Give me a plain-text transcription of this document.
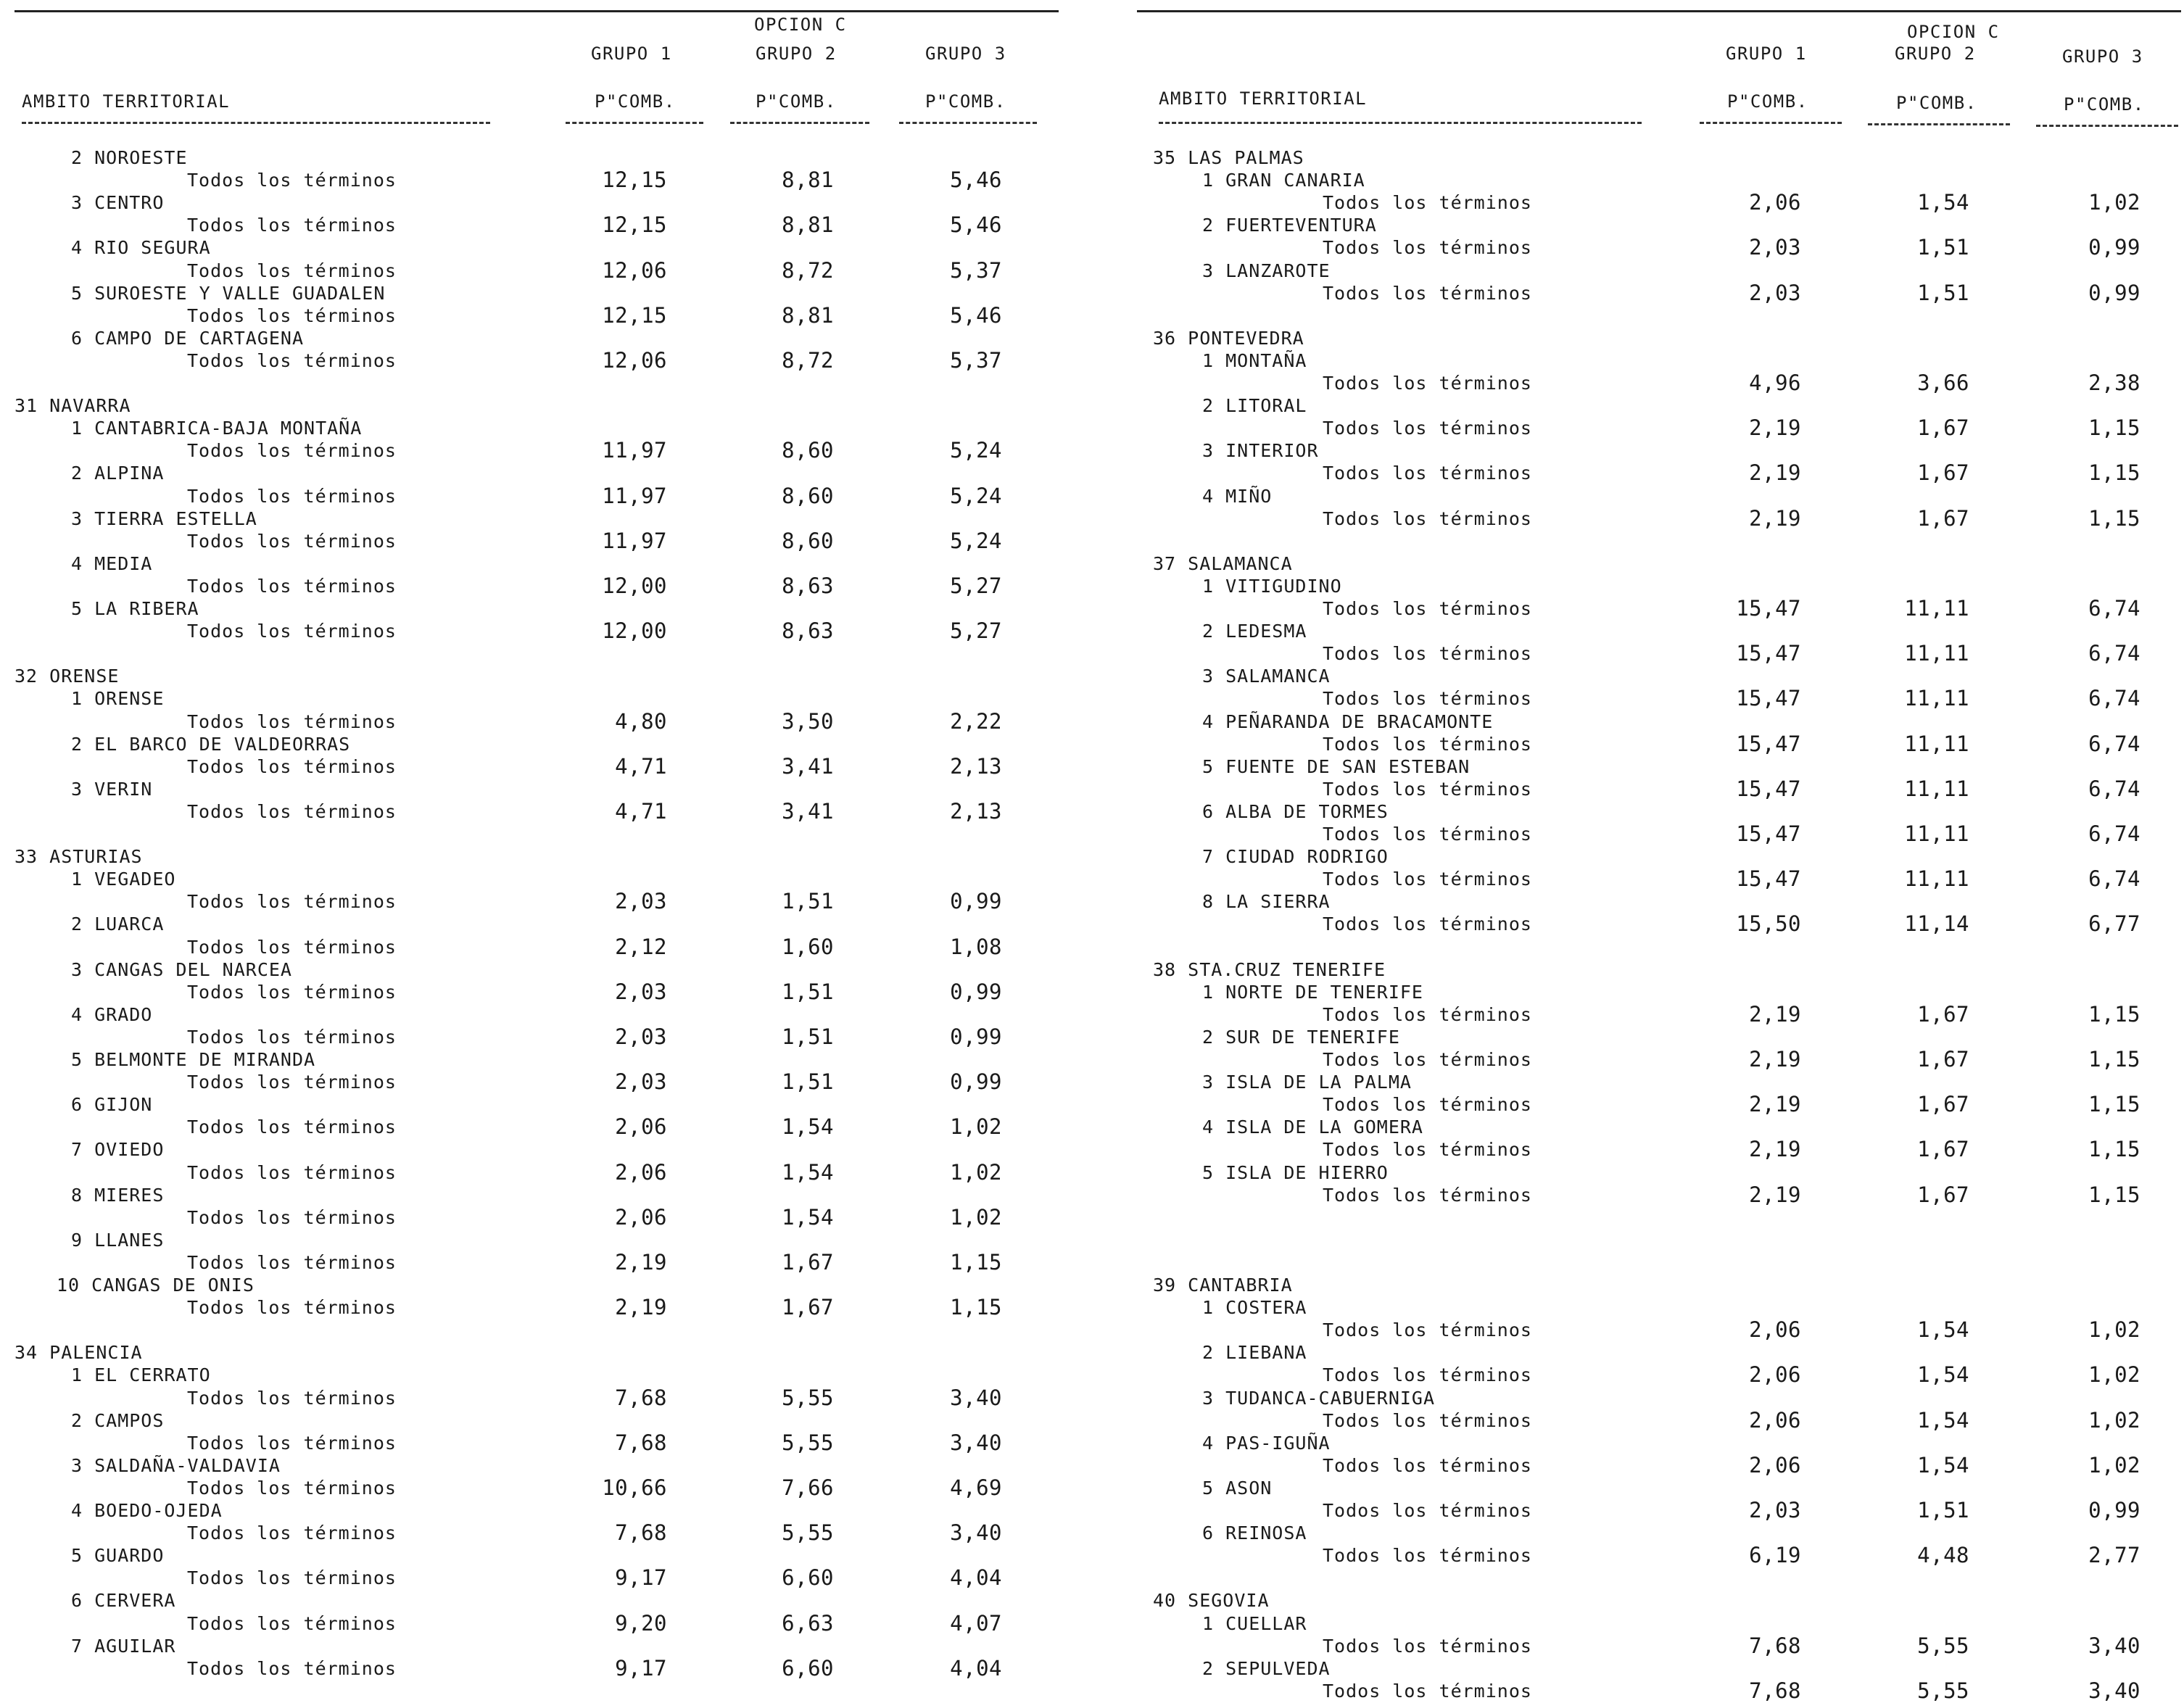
OPCION C
GRUPO 1	GRUPO 2	GRUPO 3
AMBITO TERRITORIAL	P"COMB.	P"COMB.	P"COMB.
2 NOROESTE
Todos los términos	12,15	8,81	5,46
3 CENTRO
Todos los términos	12,15	8,81	5,46
4 RIO SEGURA
Todos los términos	12,06	8,72	5,37
5 SUROESTE Y VALLE GUADALEN
Todos los términos	12,15	8,81	5,46
6 CAMPO DE CARTAGENA
Todos los términos	12,06	8,72	5,37
31 NAVARRA
1 CANTABRICA-BAJA MONTAÑA
Todos los términos	11,97	8,60	5,24
2 ALPINA
Todos los términos	11,97	8,60	5,24
3 TIERRA ESTELLA
Todos los términos	11,97	8,60	5,24
4 MEDIA
Todos los términos	12,00	8,63	5,27
5 LA RIBERA
Todos los términos	12,00	8,63	5,27
32 ORENSE
1 ORENSE
Todos los términos	4,80	3,50	2,22
2 EL BARCO DE VALDEORRAS
Todos los términos	4,71	3,41	2,13
3 VERIN
Todos los términos	4,71	3,41	2,13
33 ASTURIAS
1 VEGADEO
Todos los términos	2,03	1,51	0,99
2 LUARCA
Todos los términos	2,12	1,60	1,08
3 CANGAS DEL NARCEA
Todos los términos	2,03	1,51	0,99
4 GRADO
Todos los términos	2,03	1,51	0,99
5 BELMONTE DE MIRANDA
Todos los términos	2,03	1,51	0,99
6 GIJON
Todos los términos	2,06	1,54	1,02
7 OVIEDO
Todos los términos	2,06	1,54	1,02
8 MIERES
Todos los términos	2,06	1,54	1,02
9 LLANES
Todos los términos	2,19	1,67	1,15
10 CANGAS DE ONIS
Todos los términos	2,19	1,67	1,15
34 PALENCIA
1 EL CERRATO
Todos los términos	7,68	5,55	3,40
2 CAMPOS
Todos los términos	7,68	5,55	3,40
3 SALDAÑA-VALDAVIA
Todos los términos	10,66	7,66	4,69
4 BOEDO-OJEDA
Todos los términos	7,68	5,55	3,40
5 GUARDO
Todos los términos	9,17	6,60	4,04
6 CERVERA
Todos los términos	9,20	6,63	4,07
7 AGUILAR
Todos los términos	9,17	6,60	4,04
OPCION C
GRUPO 1	GRUPO 2	GRUPO 3
AMBITO TERRITORIAL	P"COMB.	P"COMB.	P"COMB.
35 LAS PALMAS
1 GRAN CANARIA
Todos los términos	2,06	1,54	1,02
2 FUERTEVENTURA
Todos los términos	2,03	1,51	0,99
3 LANZAROTE
Todos los términos	2,03	1,51	0,99
36 PONTEVEDRA
1 MONTAÑA
Todos los términos	4,96	3,66	2,38
2 LITORAL
Todos los términos	2,19	1,67	1,15
3 INTERIOR
Todos los términos	2,19	1,67	1,15
4 MIÑO
Todos los términos	2,19	1,67	1,15
37 SALAMANCA
1 VITIGUDINO
Todos los términos	15,47	11,11	6,74
2 LEDESMA
Todos los términos	15,47	11,11	6,74
3 SALAMANCA
Todos los términos	15,47	11,11	6,74
4 PEÑARANDA DE BRACAMONTE
Todos los términos	15,47	11,11	6,74
5 FUENTE DE SAN ESTEBAN
Todos los términos	15,47	11,11	6,74
6 ALBA DE TORMES
Todos los términos	15,47	11,11	6,74
7 CIUDAD RODRIGO
Todos los términos	15,47	11,11	6,74
8 LA SIERRA
Todos los términos	15,50	11,14	6,77
38 STA.CRUZ TENERIFE
1 NORTE DE TENERIFE
Todos los términos	2,19	1,67	1,15
2 SUR DE TENERIFE
Todos los términos	2,19	1,67	1,15
3 ISLA DE LA PALMA
Todos los términos	2,19	1,67	1,15
4 ISLA DE LA GOMERA
Todos los términos	2,19	1,67	1,15
5 ISLA DE HIERRO
Todos los términos	2,19	1,67	1,15
39 CANTABRIA
1 COSTERA
Todos los términos	2,06	1,54	1,02
2 LIEBANA
Todos los términos	2,06	1,54	1,02
3 TUDANCA-CABUERNIGA
Todos los términos	2,06	1,54	1,02
4 PAS-IGUÑA
Todos los términos	2,06	1,54	1,02
5 ASON
Todos los términos	2,03	1,51	0,99
6 REINOSA
Todos los términos	6,19	4,48	2,77
40 SEGOVIA
1 CUELLAR
Todos los términos	7,68	5,55	3,40
2 SEPULVEDA
Todos los términos	7,68	5,55	3,40
